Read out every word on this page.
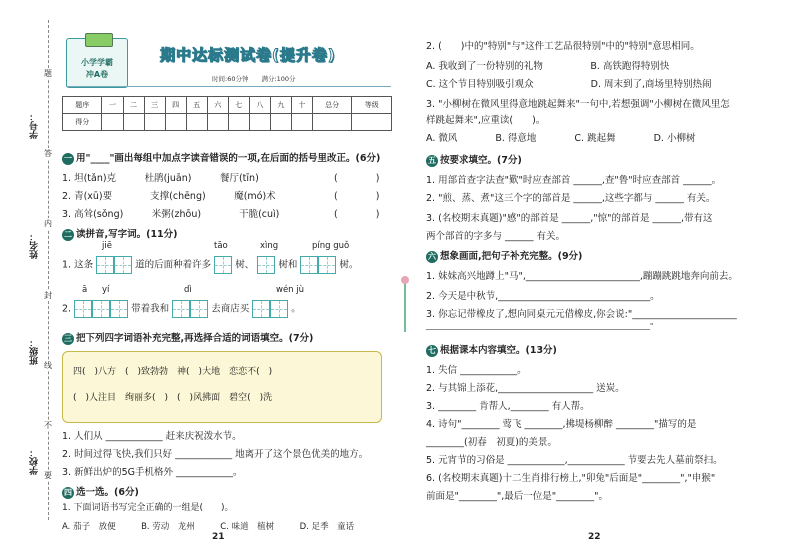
学号：
姓名：
班级：
学校：
题
答
内
封
线
不
要
小学学霸
冲A卷
期中达标测试卷(提升卷)
时间:60分钟　　满分:100分
题序	一	二	三	四	五	六	七	八	九	十	总分	等级
得分												
一 用"____"画出每组中加点字读音错误的一项,在后面的括号里改正。(6分)
1. 坦(tǎn)克　　　杜鹃(juān)　　　餐厅(tīn)
2. 青(xū)要　　　　支撑(chēng)　　　魔(mó)术
3. 高耸(sǒng)　　　米粥(zhōu)　　　　干脆(cuì)
(　　　　)
(　　　　)
(　　　　)
二 读拼音,写字词。(11分)
jiē	tāo	xìng	píng guǒ
1. 这条	道的后面种着许多	树、	树和	树。
ā yí	dì	wén jù
2.	带着我和	去商店买	。
三 把下列四字词语补充完整,再选择合适的词语填空。(7分)
四(　)八方　(　)致勃勃　神(　)大地　恋恋不(　)
(　)人注目　绚丽多(　)　(　)风拂面　碧空(　)洗
1. 人们从 ____________ 赶来庆祝泼水节。
2. 时间过得飞快,我们只好 ____________ 地离开了这个景色优美的地方。
3. 新鲜出炉的5G手机格外 ____________。
四 选一选。(6分)
1. 下面词语书写完全正确的一组是(　　)。
A. 茄子　放便　　　B. 劳动　龙州　　　C. 味道　植树　　　D. 足季　童话
21
2. (　　)中的"特别"与"这件工艺品很特别"中的"特别"意思相同。
A. 我收到了一份特别的礼物　　　　　B. 高铁跑得特别快
C. 这个节目特别吸引观众　　　　　　D. 周末到了,商场里特别热闹
3. "小柳树在微风里得意地跳起舞来"一句中,若想强调"小柳树在微风里怎
样跳起舞来",应重读(　　)。
A. 微风　　　　B. 得意地　　　　C. 跳起舞　　　　D. 小柳树
五 按要求填空。(7分)
1. 用部首查字法查"歎"时应查部首 ______,查"鲁"时应查部首 ______。
2. "煎、蒸、煮"这三个字的部首是 ______,这些字都与 ______ 有关。
3. (名校期末真题)"感"的部首是 ______,"惊"的部首是 ______,带有这
两个部首的字多与 ______ 有关。
六 想象画面,把句子补充完整。(9分)
1. 妹妹高兴地蹲上"马",________________________,蹦蹦跳跳地奔向前去。
2. 今天是中秋节,________________________________。
3. 你忘记带橡皮了,想向同桌元元借橡皮,你会说:"______________________
________________________________________________________________"
七 根据课本内容填空。(13分)
1. 失信 ____________。
2. 与其锦上添花,____________________ 送炭。
3. ________ 肯帮人,________ 有人帮。
4. 诗句"________ 莺飞 ________,拂堤杨柳醉 ________"描写的是
________(初春　初夏)的美景。
5. 元宵节的习俗是 ____________,____________ 节要去先人墓前祭扫。
6. (名校期末真题)十二生肖排行榜上,"卯兔"后面是"________","申猴"
前面是"________",最后一位是"________"。
22
